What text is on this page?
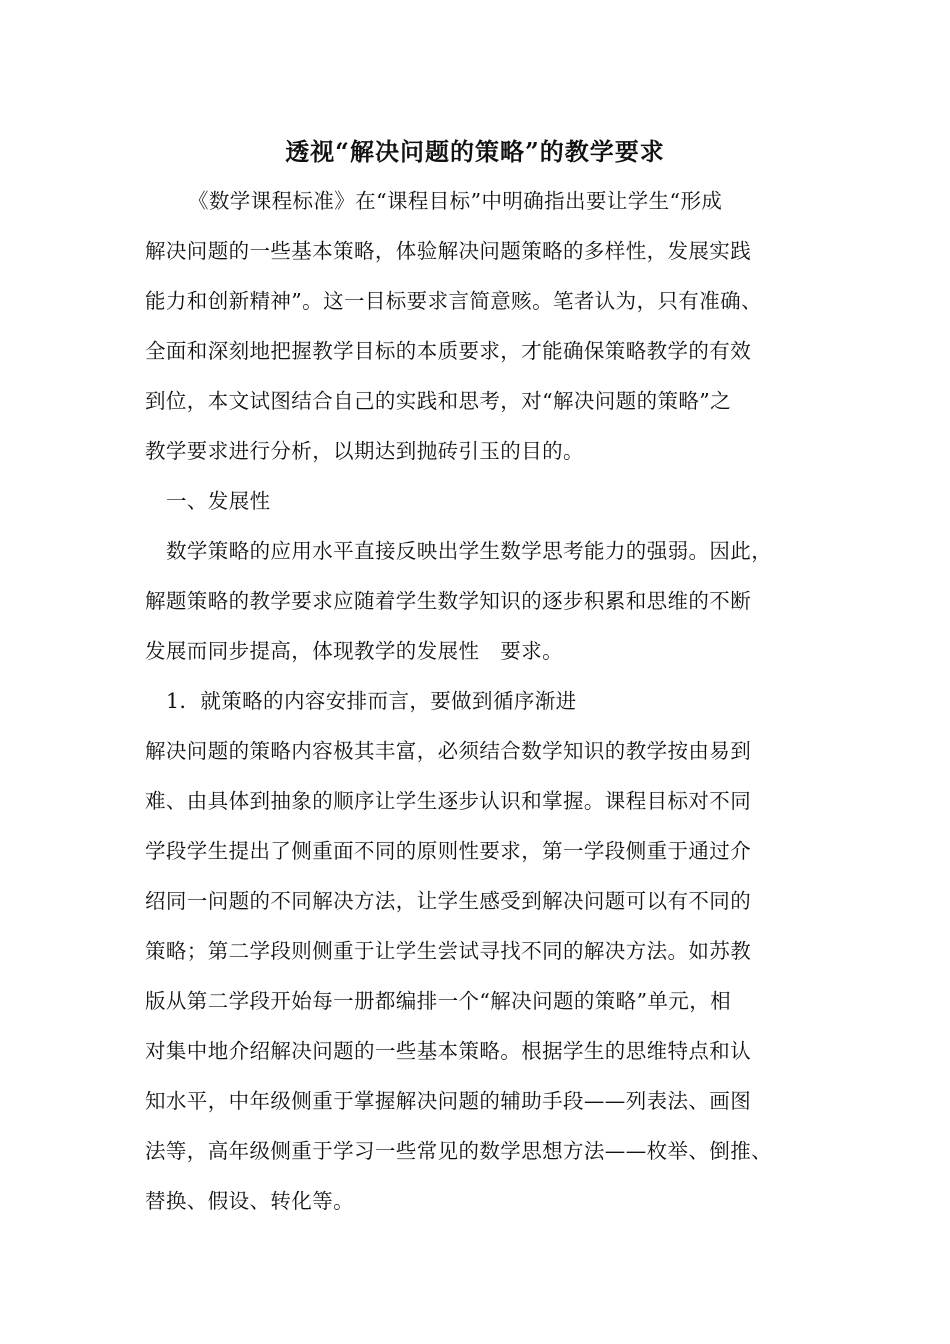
透视“解决问题的策略”的教学要求
《数学课程标准》在“课程目标”中明确指出要让学生“形成
解决问题的一些基本策略，体验解决问题策略的多样性，发展实践
能力和创新精神”。这一目标要求言简意赅。笔者认为，只有准确、
全面和深刻地把握教学目标的本质要求，才能确保策略教学的有效
到位，本文试图结合自己的实践和思考，对“解决问题的策略”之
教学要求进行分析，以期达到抛砖引玉的目的。
一、发展性
数学策略的应用水平直接反映出学生数学思考能力的强弱。因此，
解题策略的教学要求应随着学生数学知识的逐步积累和思维的不断
发展而同步提高，体现教学的发展性　要求。
1．就策略的内容安排而言，要做到循序渐进
解决问题的策略内容极其丰富，必须结合数学知识的教学按由易到
难、由具体到抽象的顺序让学生逐步认识和掌握。课程目标对不同
学段学生提出了侧重面不同的原则性要求，第一学段侧重于通过介
绍同一问题的不同解决方法，让学生感受到解决问题可以有不同的
策略；第二学段则侧重于让学生尝试寻找不同的解决方法。如苏教
版从第二学段开始每一册都编排一个“解决问题的策略”单元，相
对集中地介绍解决问题的一些基本策略。根据学生的思维特点和认
知水平，中年级侧重于掌握解决问题的辅助手段——列表法、画图
法等，高年级侧重于学习一些常见的数学思想方法——枚举、倒推、
替换、假设、转化等。
